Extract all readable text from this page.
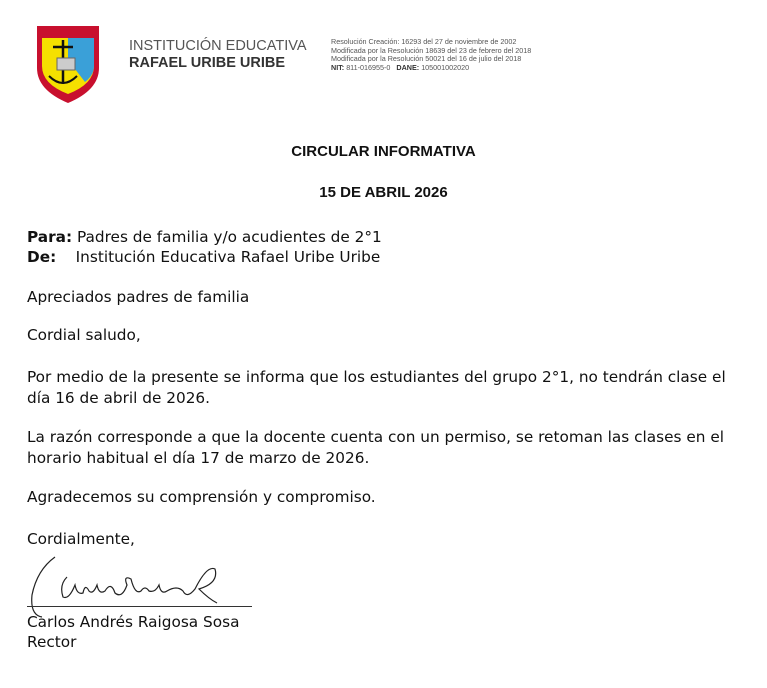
INSTITUCIÓN EDUCATIVA
RAFAEL URIBE URIBE
Resolución Creación: 16293 del 27 de noviembre de 2002
Modificada por la Resolución 18639 del 23 de febrero del 2018
Modificada por la Resolución 50021 del 16 de julio del 2018
NIT: 811-016955-0 DANE: 105001002020
CIRCULAR INFORMATIVA
15 DE ABRIL 2026
Para: Padres de familia y/o acudientes de 2°1
De: Institución Educativa Rafael Uribe Uribe
Apreciados padres de familia
Cordial saludo,
Por medio de la presente se informa que los estudiantes del grupo 2°1, no tendrán clase el día 16 de abril de 2026.
La razón corresponde a que la docente cuenta con un permiso, se retoman las clases en el horario habitual el día 17 de marzo de 2026.
Agradecemos su comprensión y compromiso.
Cordialmente,
Carlos Andrés Raigosa Sosa
Rector
